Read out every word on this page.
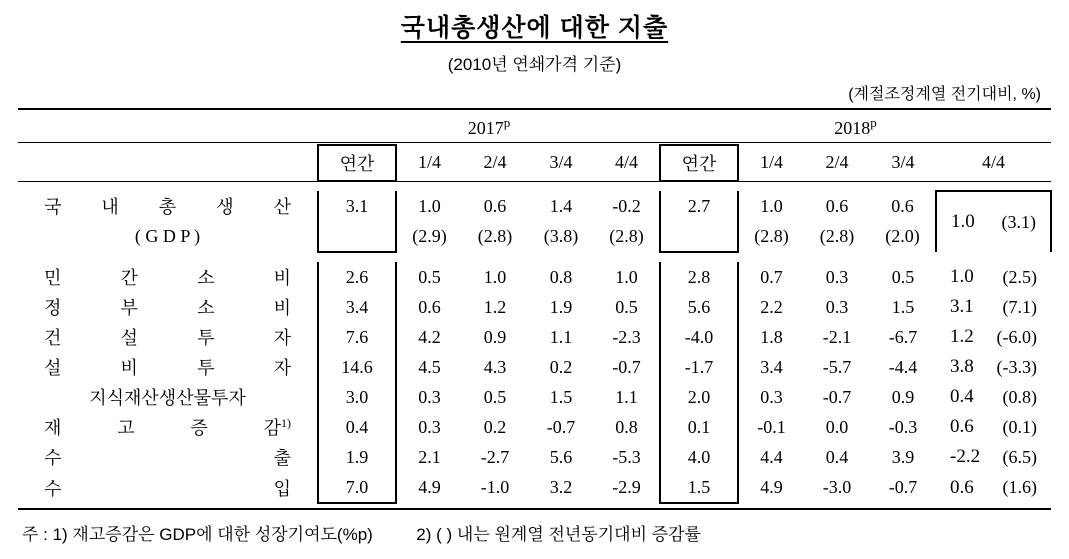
국내총생산에 대한 지출
(2010년 연쇄가격 기준)
(계절조정계열 전기대비, %)

	2017$^p$					2018$^p$

	연간	1/4	2/4	3/4	4/4	연간	1/4	2/4	3/4	4/4

국 내 총 생 산	3.1	1.0	0.6	1.4	-0.2	2.7	1.0	0.6	0.6	1.0 (3.1)

( G D P )		(2.9)	(2.8)	(3.8)	(2.8)		(2.8)	(2.8)	(2.0)	

민 간 소 비	2.6	0.5	1.0	0.8	1.0	2.8	0.7	0.3	0.5	1.0 (2.5)

정 부 소 비	3.4	0.6	1.2	1.9	0.5	5.6	2.2	0.3	1.5	3.1 (7.1)

건 설 투 자	7.6	4.2	0.9	1.1	-2.3	-4.0	1.8	-2.1	-6.7	1.2 (-6.0)

설 비 투 자	14.6	4.5	4.3	0.2	-0.7	-1.7	3.4	-5.7	-4.4	3.8 (-3.3)

지식재산생산물투자	3.0	0.3	0.5	1.5	1.1	2.0	0.3	-0.7	0.9	0.4 (0.8)

재 고 증 감$^{1)}$	0.4	0.3	0.2	-0.7	0.8	0.1	-0.1	0.0	-0.3	0.6 (0.1)

수 출	1.9	2.1	-2.7	5.6	-5.3	4.0	4.4	0.4	3.9	-2.2 (6.5)

수 입	7.0	4.9	-1.0	3.2	-2.9	1.5	4.9	-3.0	-0.7	0.6 (1.6)

주 : 1) 재고증감은 GDP에 대한 성장기여도(%p)	2) ( ) 내는 원계열 전년동기대비 증감률
